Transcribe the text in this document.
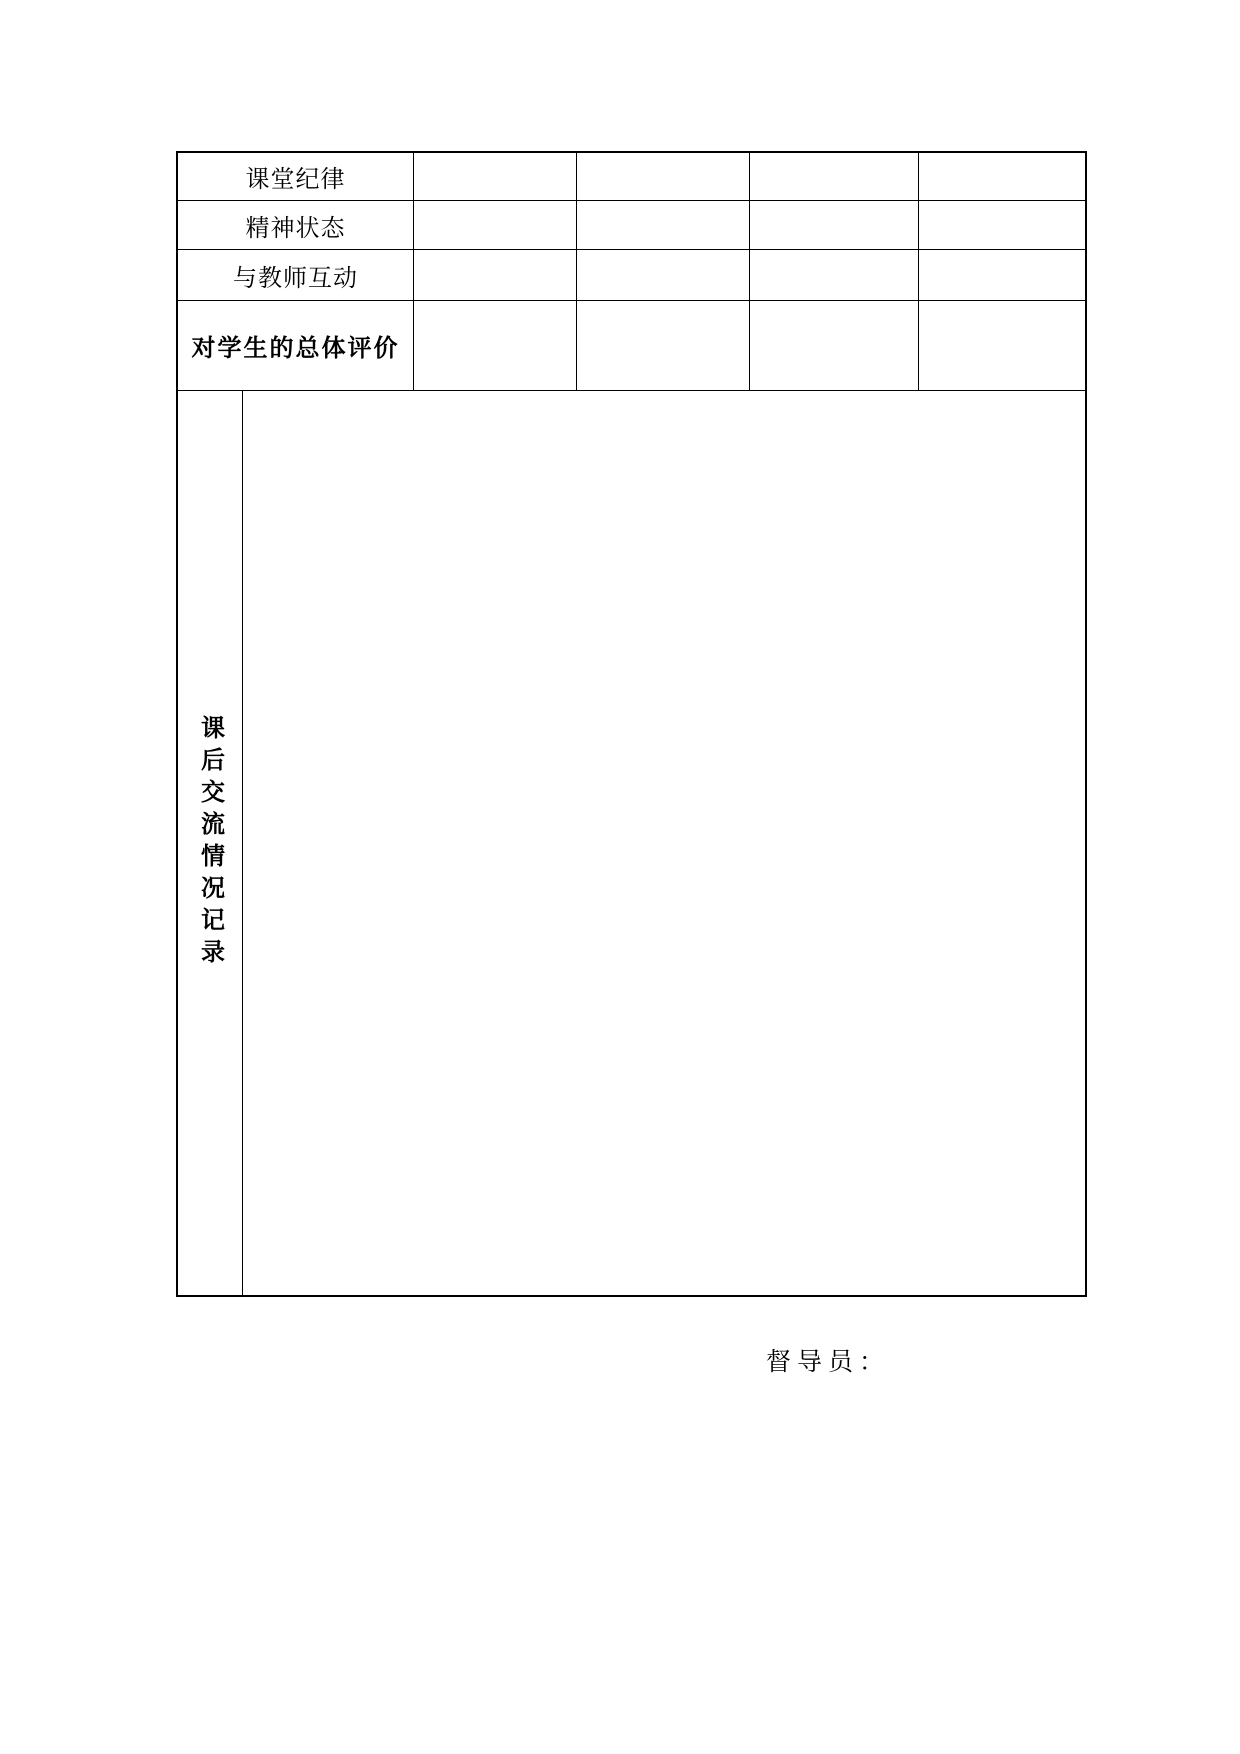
课堂纪律
精神状态
与教师互动
对学生的总体评价
课后交流情况记录
督导员：
